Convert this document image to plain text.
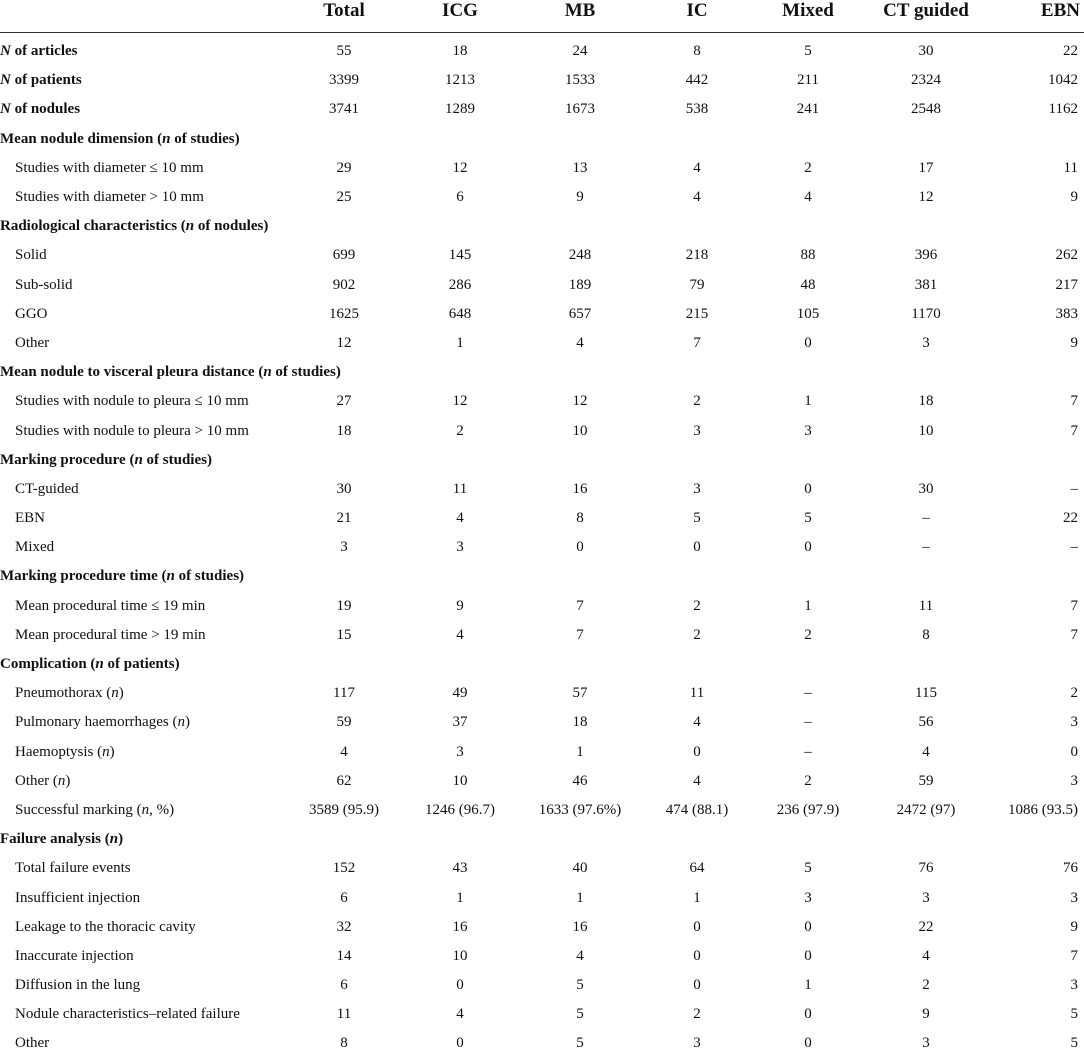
	Total	ICG	MB	IC	Mixed	CT guided	EBN
N of articles	55	18	24	8	5	30	22
N of patients	3399	1213	1533	442	211	2324	1042
N of nodules	3741	1289	1673	538	241	2548	1162
Mean nodule dimension (n of studies)							
Studies with diameter ≤ 10 mm	29	12	13	4	2	17	11
Studies with diameter > 10 mm	25	6	9	4	4	12	9
Radiological characteristics (n of nodules)							
Solid	699	145	248	218	88	396	262
Sub-solid	902	286	189	79	48	381	217
GGO	1625	648	657	215	105	1170	383
Other	12	1	4	7	0	3	9
Mean nodule to visceral pleura distance (n of studies)							
Studies with nodule to pleura ≤ 10 mm	27	12	12	2	1	18	7
Studies with nodule to pleura > 10 mm	18	2	10	3	3	10	7
Marking procedure (n of studies)							
CT-guided	30	11	16	3	0	30	–
EBN	21	4	8	5	5	–	22
Mixed	3	3	0	0	0	–	–
Marking procedure time (n of studies)							
Mean procedural time ≤ 19 min	19	9	7	2	1	11	7
Mean procedural time > 19 min	15	4	7	2	2	8	7
Complication (n of patients)							
Pneumothorax (n)	117	49	57	11	–	115	2
Pulmonary haemorrhages (n)	59	37	18	4	–	56	3
Haemoptysis (n)	4	3	1	0	–	4	0
Other (n)	62	10	46	4	2	59	3
Successful marking (n, %)	3589 (95.9)	1246 (96.7)	1633 (97.6%)	474 (88.1)	236 (97.9)	2472 (97)	1086 (93.5)
Failure analysis (n)							
Total failure events	152	43	40	64	5	76	76
Insufficient injection	6	1	1	1	3	3	3
Leakage to the thoracic cavity	32	16	16	0	0	22	9
Inaccurate injection	14	10	4	0	0	4	7
Diffusion in the lung	6	0	5	0	1	2	3
Nodule characteristics–related failure	11	4	5	2	0	9	5
Other	8	0	5	3	0	3	5
